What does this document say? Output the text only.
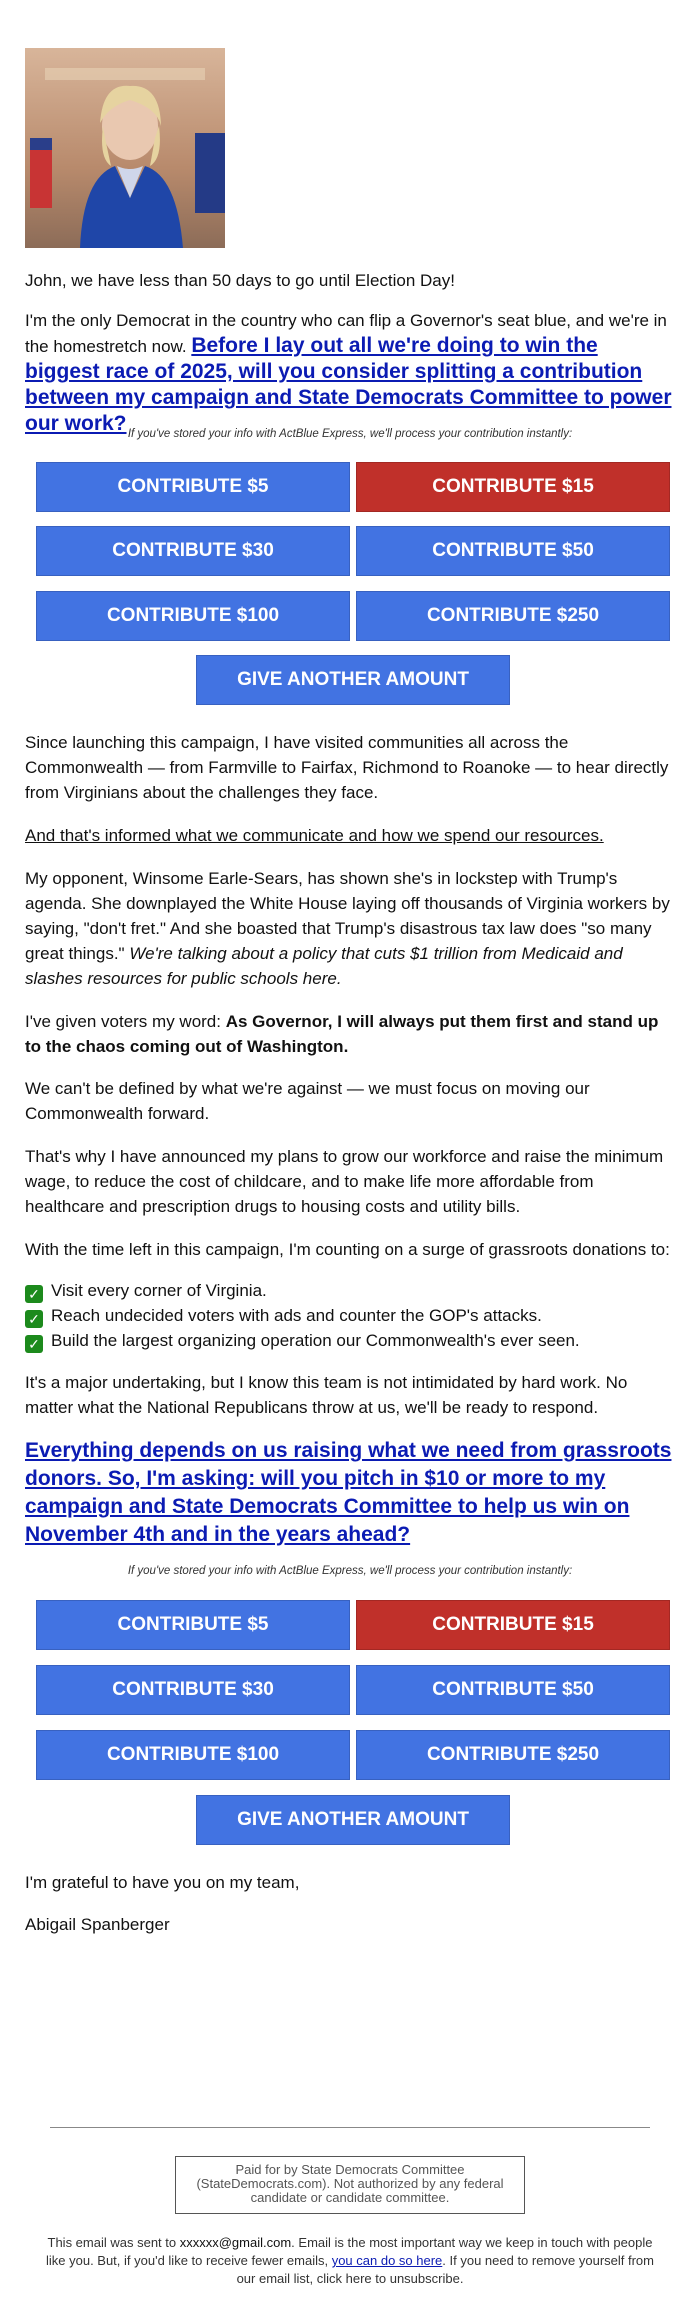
John, we have less than 50 days to go until Election Day!

I'm the only Democrat in the country who can flip a Governor's seat blue, and we're in the homestretch now. Before I lay out all we're doing to win the biggest race of 2025, will you consider splitting a contribution between my campaign and State Democrats Committee to power our work? If you've stored your info with ActBlue Express, we'll process your contribution instantly:
CONTRIBUTE $5	CONTRIBUTE $15
CONTRIBUTE $30	CONTRIBUTE $50
CONTRIBUTE $100	CONTRIBUTE $250
GIVE ANOTHER AMOUNT

Since launching this campaign, I have visited communities all across the Commonwealth — from Farmville to Fairfax, Richmond to Roanoke — to hear directly from Virginians about the challenges they face.

And that's informed what we communicate and how we spend our resources.

My opponent, Winsome Earle-Sears, has shown she's in lockstep with Trump's agenda. She downplayed the White House laying off thousands of Virginia workers by saying, "don't fret." And she boasted that Trump's disastrous tax law does "so many great things." We're talking about a policy that cuts $1 trillion from Medicaid and slashes resources for public schools here.

I've given voters my word: As Governor, I will always put them first and stand up to the chaos coming out of Washington.

We can't be defined by what we're against — we must focus on moving our Commonwealth forward.

That's why I have announced my plans to grow our workforce and raise the minimum wage, to reduce the cost of childcare, and to make life more affordable from healthcare and prescription drugs to housing costs and utility bills.

With the time left in this campaign, I'm counting on a surge of grassroots donations to:

✓ Visit every corner of Virginia.
✓ Reach undecided voters with ads and counter the GOP's attacks.
✓ Build the largest organizing operation our Commonwealth's ever seen.

It's a major undertaking, but I know this team is not intimidated by hard work. No matter what the National Republicans throw at us, we'll be ready to respond.

Everything depends on us raising what we need from grassroots donors. So, I'm asking: will you pitch in $10 or more to my campaign and State Democrats Committee to help us win on November 4th and in the years ahead?

If you've stored your info with ActBlue Express, we'll process your contribution instantly:
CONTRIBUTE $5	CONTRIBUTE $15
CONTRIBUTE $30	CONTRIBUTE $50
CONTRIBUTE $100	CONTRIBUTE $250
GIVE ANOTHER AMOUNT

I'm grateful to have you on my team,

Abigail Spanberger

Paid for by State Democrats Committee (StateDemocrats.com). Not authorized by any federal candidate or candidate committee.
This email was sent to xxxxxx@gmail.com. Email is the most important way we keep in touch with people like you. But, if you'd like to receive fewer emails, you can do so here. If you need to remove yourself from our email list, click here to unsubscribe.
